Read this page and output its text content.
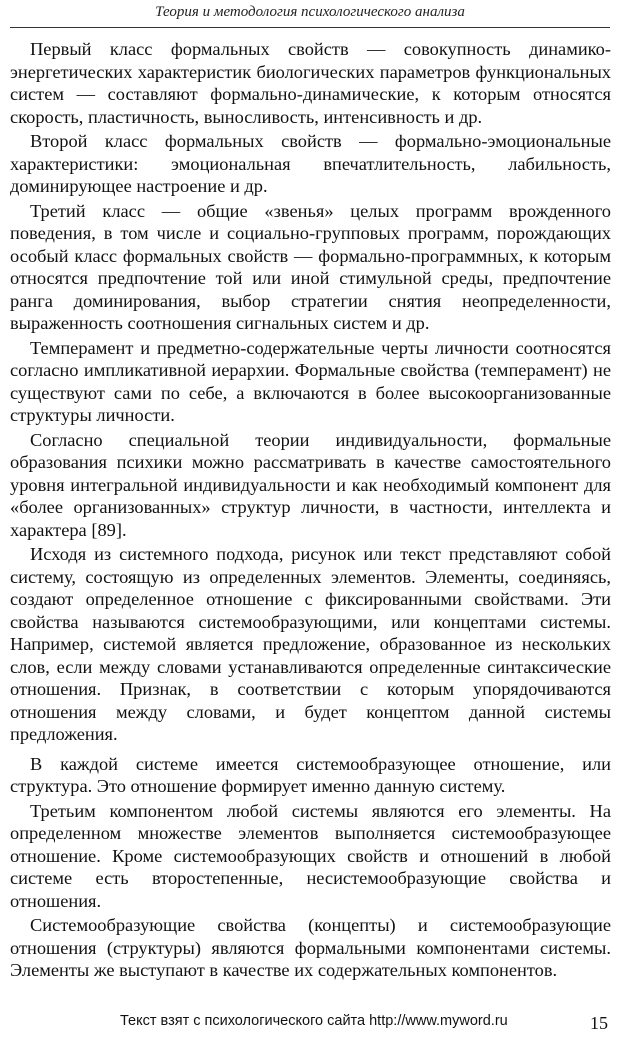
Теория и методология психологического анализа

Первый класс формальных свойств — совокупность динамико-энергетических характеристик биологических параметров функциональных систем — составляют формально-динамические, к которым относятся скорость, пластичность, выносливость, интенсивность и др.

Второй класс формальных свойств — формально-эмоциональные характеристики: эмоциональная впечатлительность, лабильность, доминирующее настроение и др.

Третий класс — общие «звенья» целых программ врожденного поведения, в том числе и социально-групповых программ, порождающих особый класс формальных свойств — формально-программных, к которым относятся предпочтение той или иной стимульной среды, предпочтение ранга доминирования, выбор стратегии снятия неопределенности, выраженность соотношения сигнальных систем и др.

Темперамент и предметно-содержательные черты личности соотносятся согласно импликативной иерархии. Формальные свойства (темперамент) не существуют сами по себе, а включаются в более высокоорганизованные структуры личности.

Согласно специальной теории индивидуальности, формальные образования психики можно рассматривать в качестве самостоятельного уровня интегральной индивидуальности и как необходимый компонент для «более организованных» структур личности, в частности, интеллекта и характера [89].

Исходя из системного подхода, рисунок или текст представляют собой систему, состоящую из определенных элементов. Элементы, соединяясь, создают определенное отношение с фиксированными свойствами. Эти свойства называются системообразующими, или концептами системы. Например, системой является предложение, образованное из нескольких слов, если между словами устанавливаются определенные синтаксические отношения. Признак, в соответствии с которым упорядочиваются отношения между словами, и будет концептом данной системы предложения.

В каждой системе имеется системообразующее отношение, или структура. Это отношение формирует именно данную систему.

Третьим компонентом любой системы являются его элементы. На определенном множестве элементов выполняется системообразующее отношение. Кроме системообразующих свойств и отношений в любой системе есть второстепенные, несистемообразующие свойства и отношения.

Системообразующие свойства (концепты) и системообразующие отношения (структуры) являются формальными компонентами системы. Элементы же выступают в качестве их содержательных компонентов.

Текст взят с психологического сайта http://www.myword.ru	15
